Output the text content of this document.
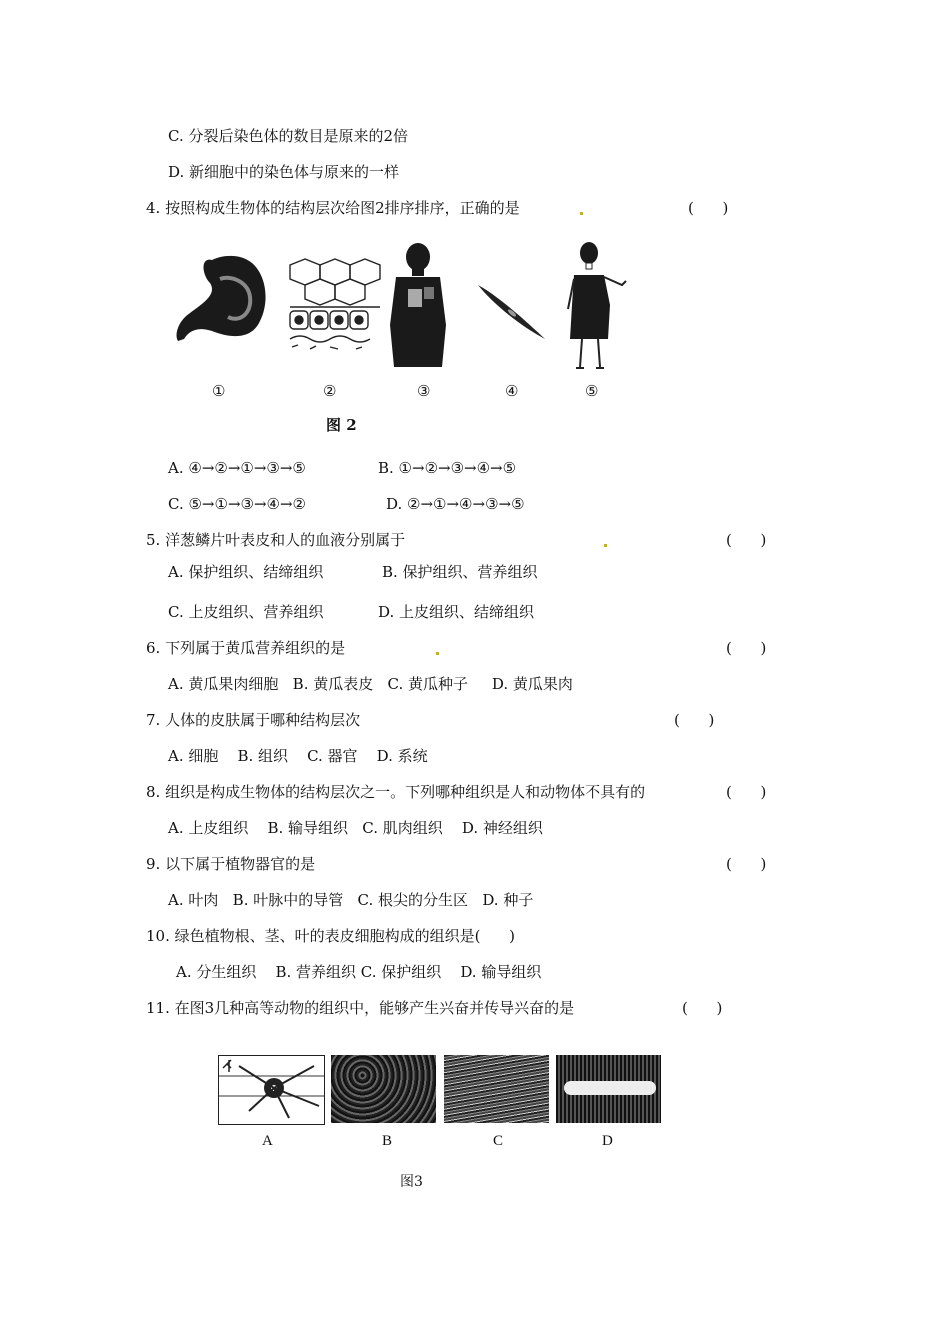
C. 分裂后染色体的数目是原来的2倍
D. 新细胞中的染色体与原来的一样
4. 按照构成生物体的结构层次给图2排序排序，正确的是	(      )
①	②	③	④	⑤
图 2
A. ④→②→①→③→⑤	B. ①→②→③→④→⑤
C. ⑤→①→③→④→②	D. ②→①→④→③→⑤
5. 洋葱鳞片叶表皮和人的血液分别属于	(      )
A. 保护组织、结缔组织	B. 保护组织、营养组织
C. 上皮组织、营养组织	D. 上皮组织、结缔组织
6. 下列属于黄瓜营养组织的是	(      )
A. 黄瓜果肉细胞   B. 黄瓜表皮   C. 黄瓜种子     D. 黄瓜果肉
7. 人体的皮肤属于哪种结构层次	(      )
A. 细胞    B. 组织    C. 器官    D. 系统
8. 组织是构成生物体的结构层次之一。下列哪种组织是人和动物体不具有的	(      )
A. 上皮组织    B. 输导组织   C. 肌肉组织    D. 神经组织
9. 以下属于植物器官的是	(      )
A. 叶肉   B. 叶脉中的导管   C. 根尖的分生区   D. 种子
10. 绿色植物根、茎、叶的表皮细胞构成的组织是(      )
A. 分生组织    B. 营养组织 C. 保护组织    D. 输导组织
11. 在图3几种高等动物的组织中，能够产生兴奋并传导兴奋的是	(      )
A	B	C	D
图3
